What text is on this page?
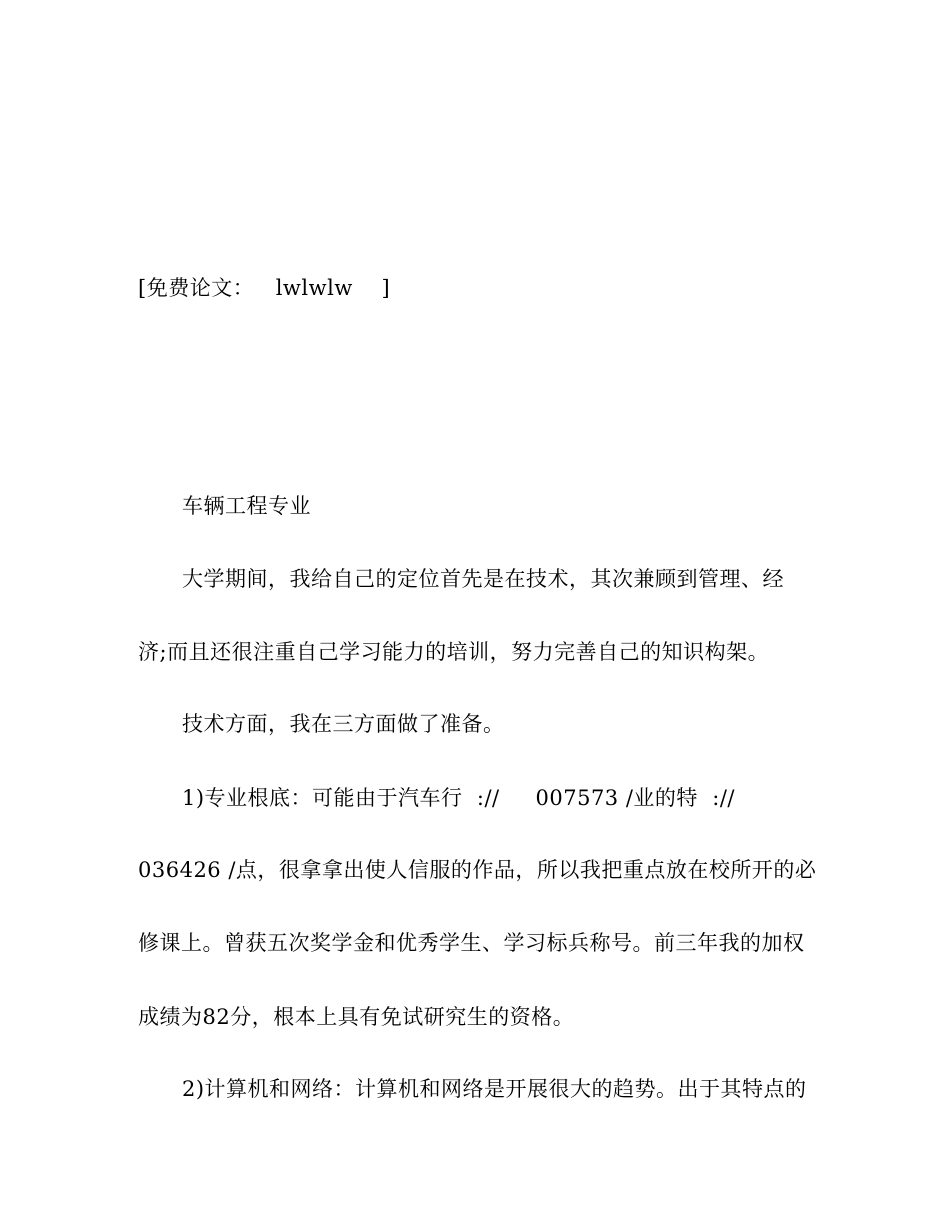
[免费论文：   lwlwlw    ]
车辆工程专业
大学期间，我给自己的定位首先是在技术，其次兼顾到管理、经
济;而且还很注重自己学习能力的培训，努力完善自己的知识构架。
技术方面，我在三方面做了准备。
1)专业根底：可能由于汽车行  ://     007573 /业的特  ://
036426 /点，很拿拿出使人信服的作品，所以我把重点放在校所开的必
修课上。曾获五次奖学金和优秀学生、学习标兵称号。前三年我的加权
成绩为82分，根本上具有免试研究生的资格。
2)计算机和网络：计算机和网络是开展很大的趋势。出于其特点的
